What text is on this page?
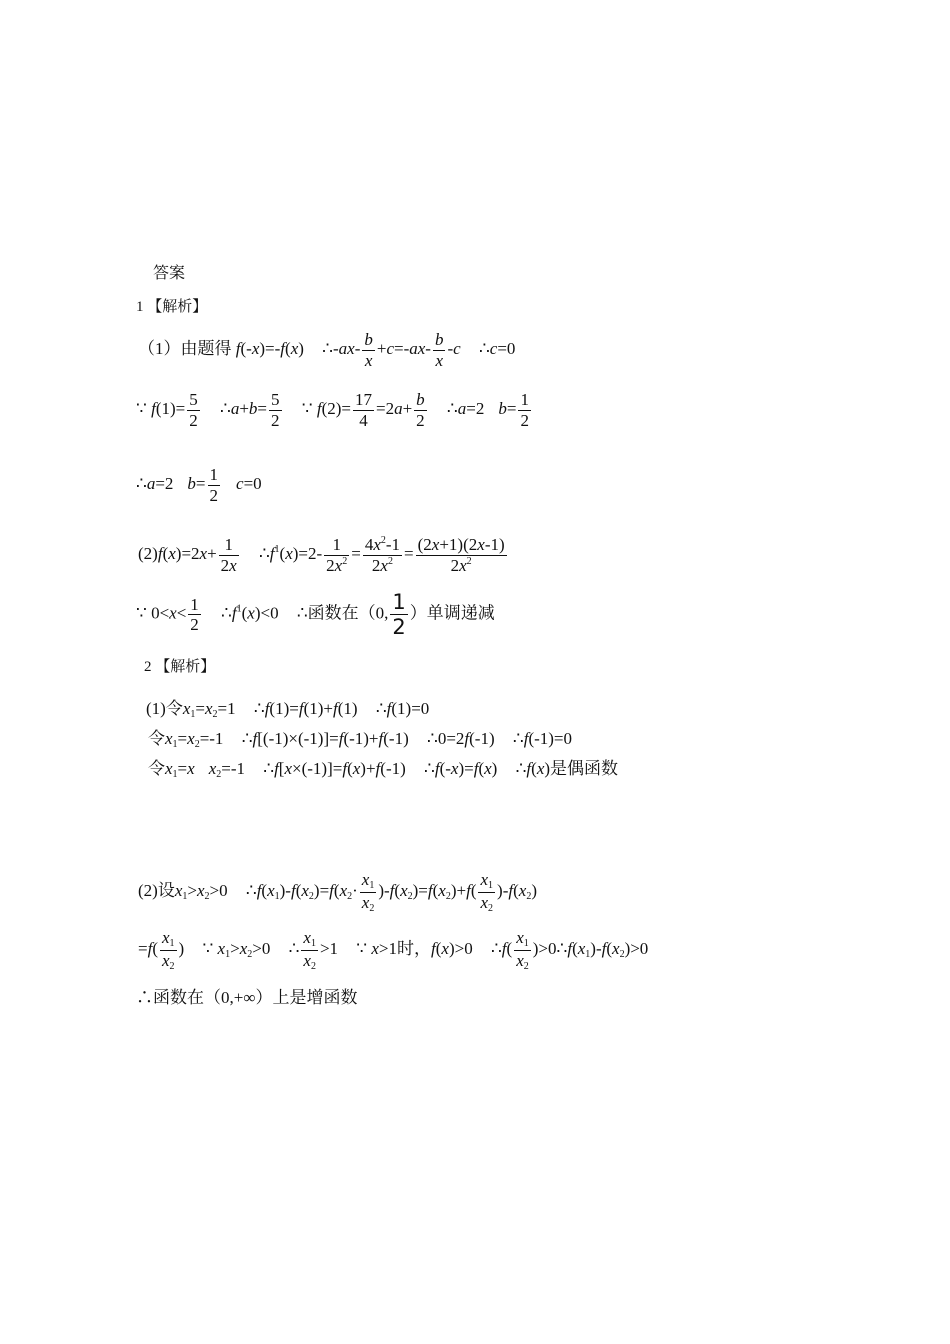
答案
1 【解析】
（1）由题得 f(-x)=-f(x) ∴-ax- $\frac{b}{x} +c=-ax- \frac{b}{x} -c$ ∴c=0
∵ $f(1)= \frac{5}{2}$ ∴a+b= $\frac{5}{2}$ ∵ $f(2)= \frac{17}{4} =2a+ \frac{b}{2}$ ∴a=2 $b= \frac{1}{2}$
∴a=2 $b= \frac{1}{2} c=0$
$(2)f(x)=2x+ \frac{1}{2x}$ $\therefore f^1(x)=2- \frac{1}{2x^2} = \frac{4x^2-1}{2x^2} = \frac{(2x+1)(2x-1)}{2x^2}$
∵ $0<x< \frac{1}{2}$ $\therefore f^1(x)<0$ ∴函数在（0, $\frac{1}{2}$ ）单调递减
2 【解析】
(1)令$x_1=x_2=1$ ∴f(1)=f(1)+f(1) ∴f(1)=0
令$x_1=x_2=-1$ ∴f[(-1)×(-1)]=f(-1)+f(-1) ∴0=2f(-1) ∴f(-1)=0
令$x_1=x$ $x_2=-1$ ∴f[x×(-1)]=f(x)+f(-1) ∴f(-x)=f(x) ∴f(x)是偶函数
(2)设$x_1>x_2>0$ $\therefore f(x_1)-f(x_2)=f(x_2\cdot \frac{x_1}{x_2} )-f(x_2)=f(x_2)+f( \frac{x_1}{x_2} )-f(x_2)$
$=f( \frac{x_1}{x_2}$ ) ∵ $x_1>x_2>0$ ∴ $\frac{x_1}{x_2} >1$ ∵ x>1时，f(x)>0 ∴f( $\frac{x_1}{x_2}$ )$>0\therefore f(x_1)-f(x_2)>0$
∴函数在（0,+∞）上是增函数
